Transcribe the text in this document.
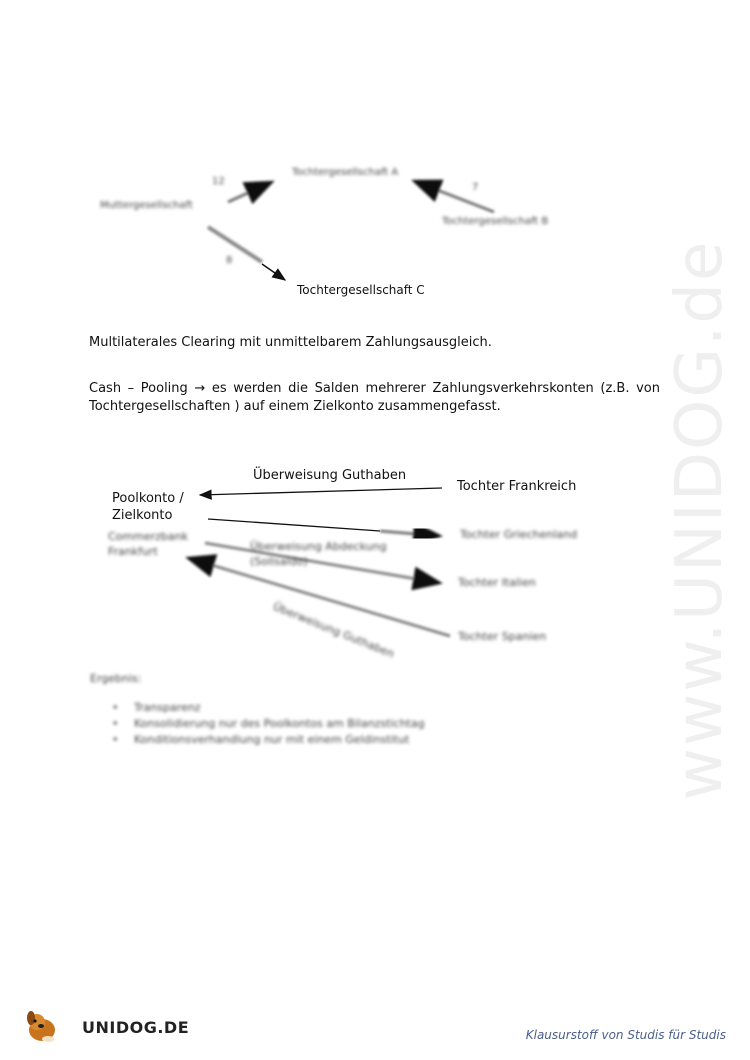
www.UNIDOG.de
Muttergesellschaft
Tochtergesellschaft A
Tochtergesellschaft B
Tochtergesellschaft C
12
7
8
Multilaterales Clearing mit unmittelbarem Zahlungsausgleich.
Cash – Pooling → es werden die Salden mehrerer Zahlungsverkehrskonten (z.B. von Tochtergesellschaften ) auf einem Zielkonto zusammengefasst.
Überweisung Guthaben
Tochter Frankreich
Poolkonto /
Zielkonto
Commerzbank
Frankfurt	Überweisung Abdeckung
(Sollsaldo)
Tochter Griechenland
Tochter Italien
Tochter Spanien
Überweisung Guthaben
Ergebnis:
• Transparenz
• Konsolidierung nur des Poolkontos am Bilanzstichtag
• Konditionsverhandlung nur mit einem Geldinstitut
UNIDOG.DE	Klausurstoff von Studis für Studis
